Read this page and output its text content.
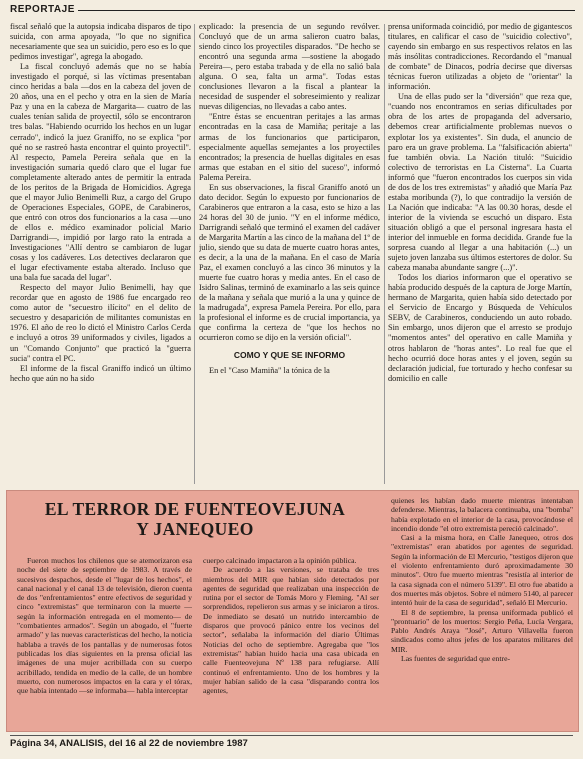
REPORTAJE

fiscal señaló que la autopsia indicaba disparos de tipo suicida, con arma apoyada, "lo que no significa necesariamente que sea un suicidio, pero eso es lo que pedimos investigar", agrega la abogado.

La fiscal concluyó además que no se había investigado el porqué, si las víctimas presentaban cinco heridas a bala —dos en la cabeza del joven de 20 años, una en el pecho y otra en la sien de María Paz y una en la cabeza de Margarita— cuatro de las cuales tenían salida de proyectil, sólo se encontraron tres balas. "Habiendo ocurrido los hechos en un lugar cerrado", indicó la juez Graniffo, no se explica "por qué no se rastreó hasta encontrar el quinto proyectil". Al respecto, Pamela Pereira señala que en la investigación sumaria quedó claro que el lugar fue completamente alterado antes de permitir la entrada de los peritos de la Brigada de Homicidios. Agrega que el mayor Julio Benimelli Ruz, a cargo del Grupo de Operaciones Especiales, GOPE, de Carabineros, que entró con otros dos funcionarios a la casa —uno de ellos e. médico examinador policial Mario Darrigrandi—, impidió por largo rato la entrada a Investigaciones "Allí dentro se cambiaron de lugar cosas y los cadáveres. Los detectives declararon que el lugar efectivamente estaba alterado. Incluso que una bala fue sacada del lugar".

Respecto del mayor Julio Benimelli, hay que recordar que en agosto de 1986 fue encargado reo como autor de "secuestro ilícito" en el delito de secuestro y desaparición de militantes comunistas en 1976. El año de reo lo dictó el Ministro Carlos Cerda e incluyó a otros 39 uniformados y civiles, ligados a un "Comando Conjunto" que practicó la "guerra sucia" contra el PC.

El informe de la fiscal Graniffo indicó un último hecho que aún no ha sido

explicado: la presencia de un segundo revólver. Concluyó que de un arma salieron cuatro balas, siendo cinco los proyectiles disparados. "De hecho se encontró una segunda arma —sostiene la abogado Pereira—, pero estaba trabada y de ella no salió bala alguna. O sea, falta un arma". Todas estas conclusiones llevaron a la fiscal a plantear la necesidad de suspender el sobreseimiento y realizar nuevas diligencias, no llevadas a cabo antes.

"Entre éstas se encuentran peritajes a las armas encontradas en la casa de Mamiña; peritaje a las armas de los funcionarios que participaron, especialmente aquellas semejantes a los proyectiles encontrados; la presencia de huellas digitales en esas armas que estaban en el sitio del suceso", informó Palema Pereira.

En sus observaciones, la fiscal Graniffo anotó un dato decidor. Según lo expuesto por funcionarios de Carabineros que entraron a la casa, esto se hizo a las 24 horas del 30 de junio. "Y en el informe médico, Darrigrandi señaló que terminó el examen del cadáver de Margarita Martín a las cinco de la mañana del 1º de julio, siendo que su data de muerte cuatro horas antes, es decir, a la una de la mañana. En el caso de María Paz, el examen concluyó a las cinco 36 minutos y la muerte fue cuatro horas y media antes. En el caso de Isidro Salinas, terminó de examinarlo a las seis quince de la mañana y señala que murió a la una y quince de la madrugada", expresa Pamela Pereira. Por ello, para la profesional el informe es de crucial importancia, ya que confirma la certeza de "que los hechos no ocurrieron como se dijo en la versión oficial".

COMO Y QUE SE INFORMO

En el "Caso Mamiña" la tónica de la

prensa uniformada coincidió, por medio de gigantescos titulares, en calificar el caso de "suicidio colectivo", cayendo sin embargo en sus respectivos relatos en las más insólitas contradicciones. Recordando el "manual de combate" de Dinacos, podría decirse que diversas técnicas fueron utilizadas a objeto de "orientar" la información.

Una de ellas pudo ser la "diversión" que reza que, "cuando nos encontramos en serias dificultades por obra de los artes de propaganda del adversario, debemos crear artificialmente problemas nuevos o explotar los ya existentes". Sin duda, el anuncio de paro era un grave problema. La "falsificación abierta" fue también obvia. La Nación tituló: "Suicidio colectivo de terroristas en La Cisterna". La Cuarta informó que "fueron encontrados los cuerpos sin vida de dos de los tres extremistas" y añadió que María Paz estaba moribunda (?), lo que contradijo la versión de La Nación que indicaba: "A las 00.30 horas, desde el interior de la vivienda se escuchó un disparo. Esta situación obligó a que el personal ingresara hasta el interior del inmueble en forma decidida. Grande fue la sorpresa cuando al llegar a una habitación (...) un sujeto joven lanzaba sus últimos estertores de dolor. Su cabeza manaba abundante sangre (...)".

Todos los diarios informaron que el operativo se había producido después de la captura de Jorge Martín, hermano de Margarita, quien había sido detectado por el Servicio de Encargo y Búsqueda de Vehículos SEBV, de Carabineros, conduciendo un auto robado. Sin embargo, unos dijeron que el arresto se produjo "momentos antes" del operativo en calle Mamiña y otros hablaron de "horas antes". Lo real fue que el hecho ocurrió doce horas antes y el joven, según su declaración judicial, fue torturado y hecho confesar su domicilio en calle

EL TERROR DE FUENTEOVEJUNA
Y JANEQUEO

Fueron muchos los chilenos que se atemorizaron esa noche del siete de septiembre de 1983. A través de sucesivos despachos, desde el "lugar de los hechos", el canal nacional y el canal 13 de televisión, dieron cuenta de dos "enfrentamientos" entre efectivos de seguridad y cinco "extremistas" que terminaron con la muerte —según la información entregada en el momento— de "combatientes armados". Según un abogado, el "fuerte armado" y las nuevas características del hecho, la noticia hablaba a través de los pantallas y de numerosas fotos publicadas los días siguientes en la prensa oficial las imágenes de una mujer acribillada con su cuerpo acribillado, tendida en medio de la calle, de un hombre muerto, con numerosos impactos en la cara y el tórax, que había intentado —se informaba— habla interceptar

cuerpo calcinado impactaron a la opinión pública.

De acuerdo a las versiones, se trataba de tres miembros del MIR que habían sido detectados por agentes de seguridad que realizaban una inspección de rutina por el sector de Tomás Moro y Fleming. "Al ser sorprendidos, repelieron sus armas y se iniciaron a tiros. De inmediato se desató un nutrido intercambio de disparos que provocó pánico entre los vecinos del sector", señalaba la información del diario Últimas Noticias del ocho de septiembre. Agregaba que "los extremistas" habían huido hacia una casa ubicada en calle Fuenteovejuna Nº 138 para refugiarse. Allí continuó el enfrentamiento. Uno de los hombres y la mujer habían salido de la casa "disparando contra los agentes,

quienes les habían dado muerte mientras intentaban defenderse. Mientras, la balacera continuaba, una "bomba" había explotado en el interior de la casa, provocándose el incendio donde "el otro extremista pereció calcinado".

Casi a la misma hora, en Calle Janequeo, otros dos "extremistas" eran abatidos por agentes de seguridad. Según la información de El Mercurio, "testigos dijeron que el violento enfrentamiento duró aproximadamente 30 minutos". Otro fue muerto mientras "resistía al interior de la casa signada con el número 5139". El otro fue abatido a dos muertes más objetos. Sobre el número 5140, al parecer intentó huir de la casa de seguridad", señaló El Mercurio.

El 8 de septiembre, la prensa uniformada publicó el "prontuario" de los muertos: Sergio Peña, Lucía Vergara, Pablo Andrés Araya "José", Arturo Villavella fueron sindicados como altos jefes de los aparatos militares del MIR.

Las fuentes de seguridad que entre-

Página 34, ANALISIS, del 16 al 22 de noviembre 1987
